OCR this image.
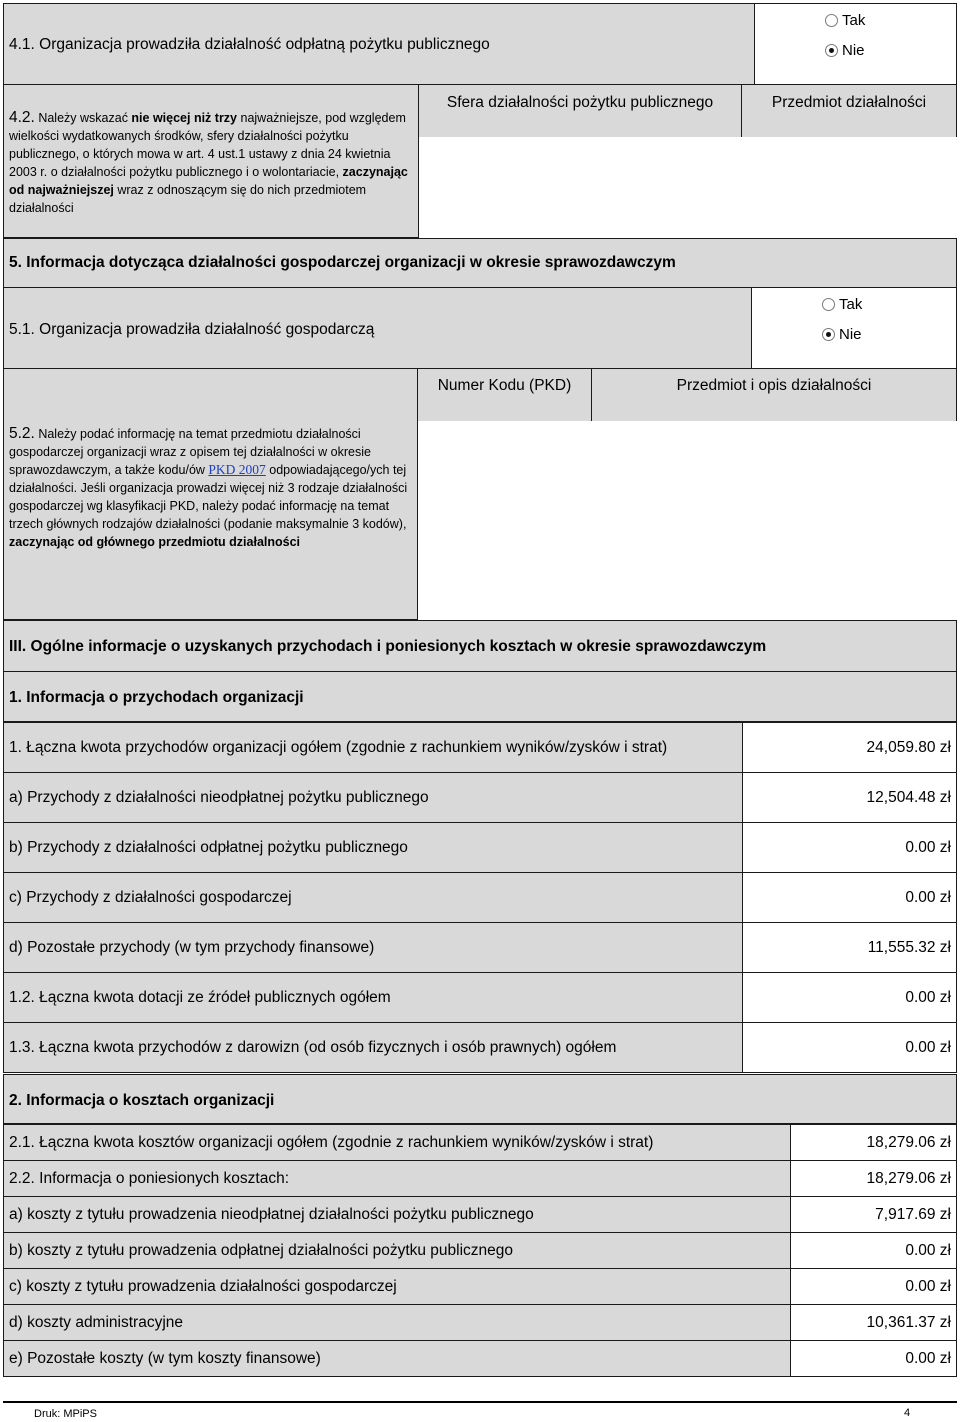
4.1. Organizacja prowadziła działalność odpłatną pożytku publicznego
Tak
Nie
4.2. Należy wskazać nie więcej niż trzy najważniejsze, pod względem wielkości wydatkowanych środków, sfery działalności pożytku publicznego, o których mowa w art. 4 ust.1 ustawy z dnia 24 kwietnia 2003 r. o działalności pożytku publicznego i o wolontariacie, zaczynając od najważniejszej wraz z odnoszącym się do nich przedmiotem działalności
Sfera działalności pożytku publicznego	Przedmiot działalności
5. Informacja dotycząca działalności gospodarczej organizacji w okresie sprawozdawczym
5.1. Organizacja prowadziła działalność gospodarczą
Tak
Nie
5.2. Należy podać informację na temat przedmiotu działalności gospodarczej organizacji wraz z opisem tej działalności w okresie sprawozdawczym, a także kodu/ów PKD 2007 odpowiadającego/ych tej działalności. Jeśli organizacja prowadzi więcej niż 3 rodzaje działalności gospodarczej wg klasyfikacji PKD, należy podać informację na temat trzech głównych rodzajów działalności (podanie maksymalnie 3 kodów), zaczynając od głównego przedmiotu działalności
Numer Kodu (PKD)	Przedmiot i opis działalności
III. Ogólne informacje o uzyskanych przychodach i poniesionych kosztach w okresie sprawozdawczym
1. Informacja o przychodach organizacji
1. Łączna kwota przychodów organizacji ogółem (zgodnie z rachunkiem wyników/zysków i strat)	24,059.80 zł
a) Przychody z działalności nieodpłatnej pożytku publicznego	12,504.48 zł
b) Przychody z działalności odpłatnej pożytku publicznego	0.00 zł
c) Przychody z działalności gospodarczej	0.00 zł
d) Pozostałe przychody (w tym przychody finansowe)	11,555.32 zł
1.2. Łączna kwota dotacji ze źródeł publicznych ogółem	0.00 zł
1.3. Łączna kwota przychodów z darowizn (od osób fizycznych i osób prawnych) ogółem	0.00 zł
2. Informacja o kosztach organizacji
2.1. Łączna kwota kosztów organizacji ogółem (zgodnie z rachunkiem wyników/zysków i strat)	18,279.06 zł
2.2. Informacja o poniesionych kosztach:	18,279.06 zł
a) koszty z tytułu prowadzenia nieodpłatnej działalności pożytku publicznego	7,917.69 zł
b) koszty z tytułu prowadzenia odpłatnej działalności pożytku publicznego	0.00 zł
c) koszty z tytułu prowadzenia działalności gospodarczej	0.00 zł
d) koszty administracyjne	10,361.37 zł
e) Pozostałe koszty (w tym koszty finansowe)	0.00 zł
Druk: MPiPS	4
